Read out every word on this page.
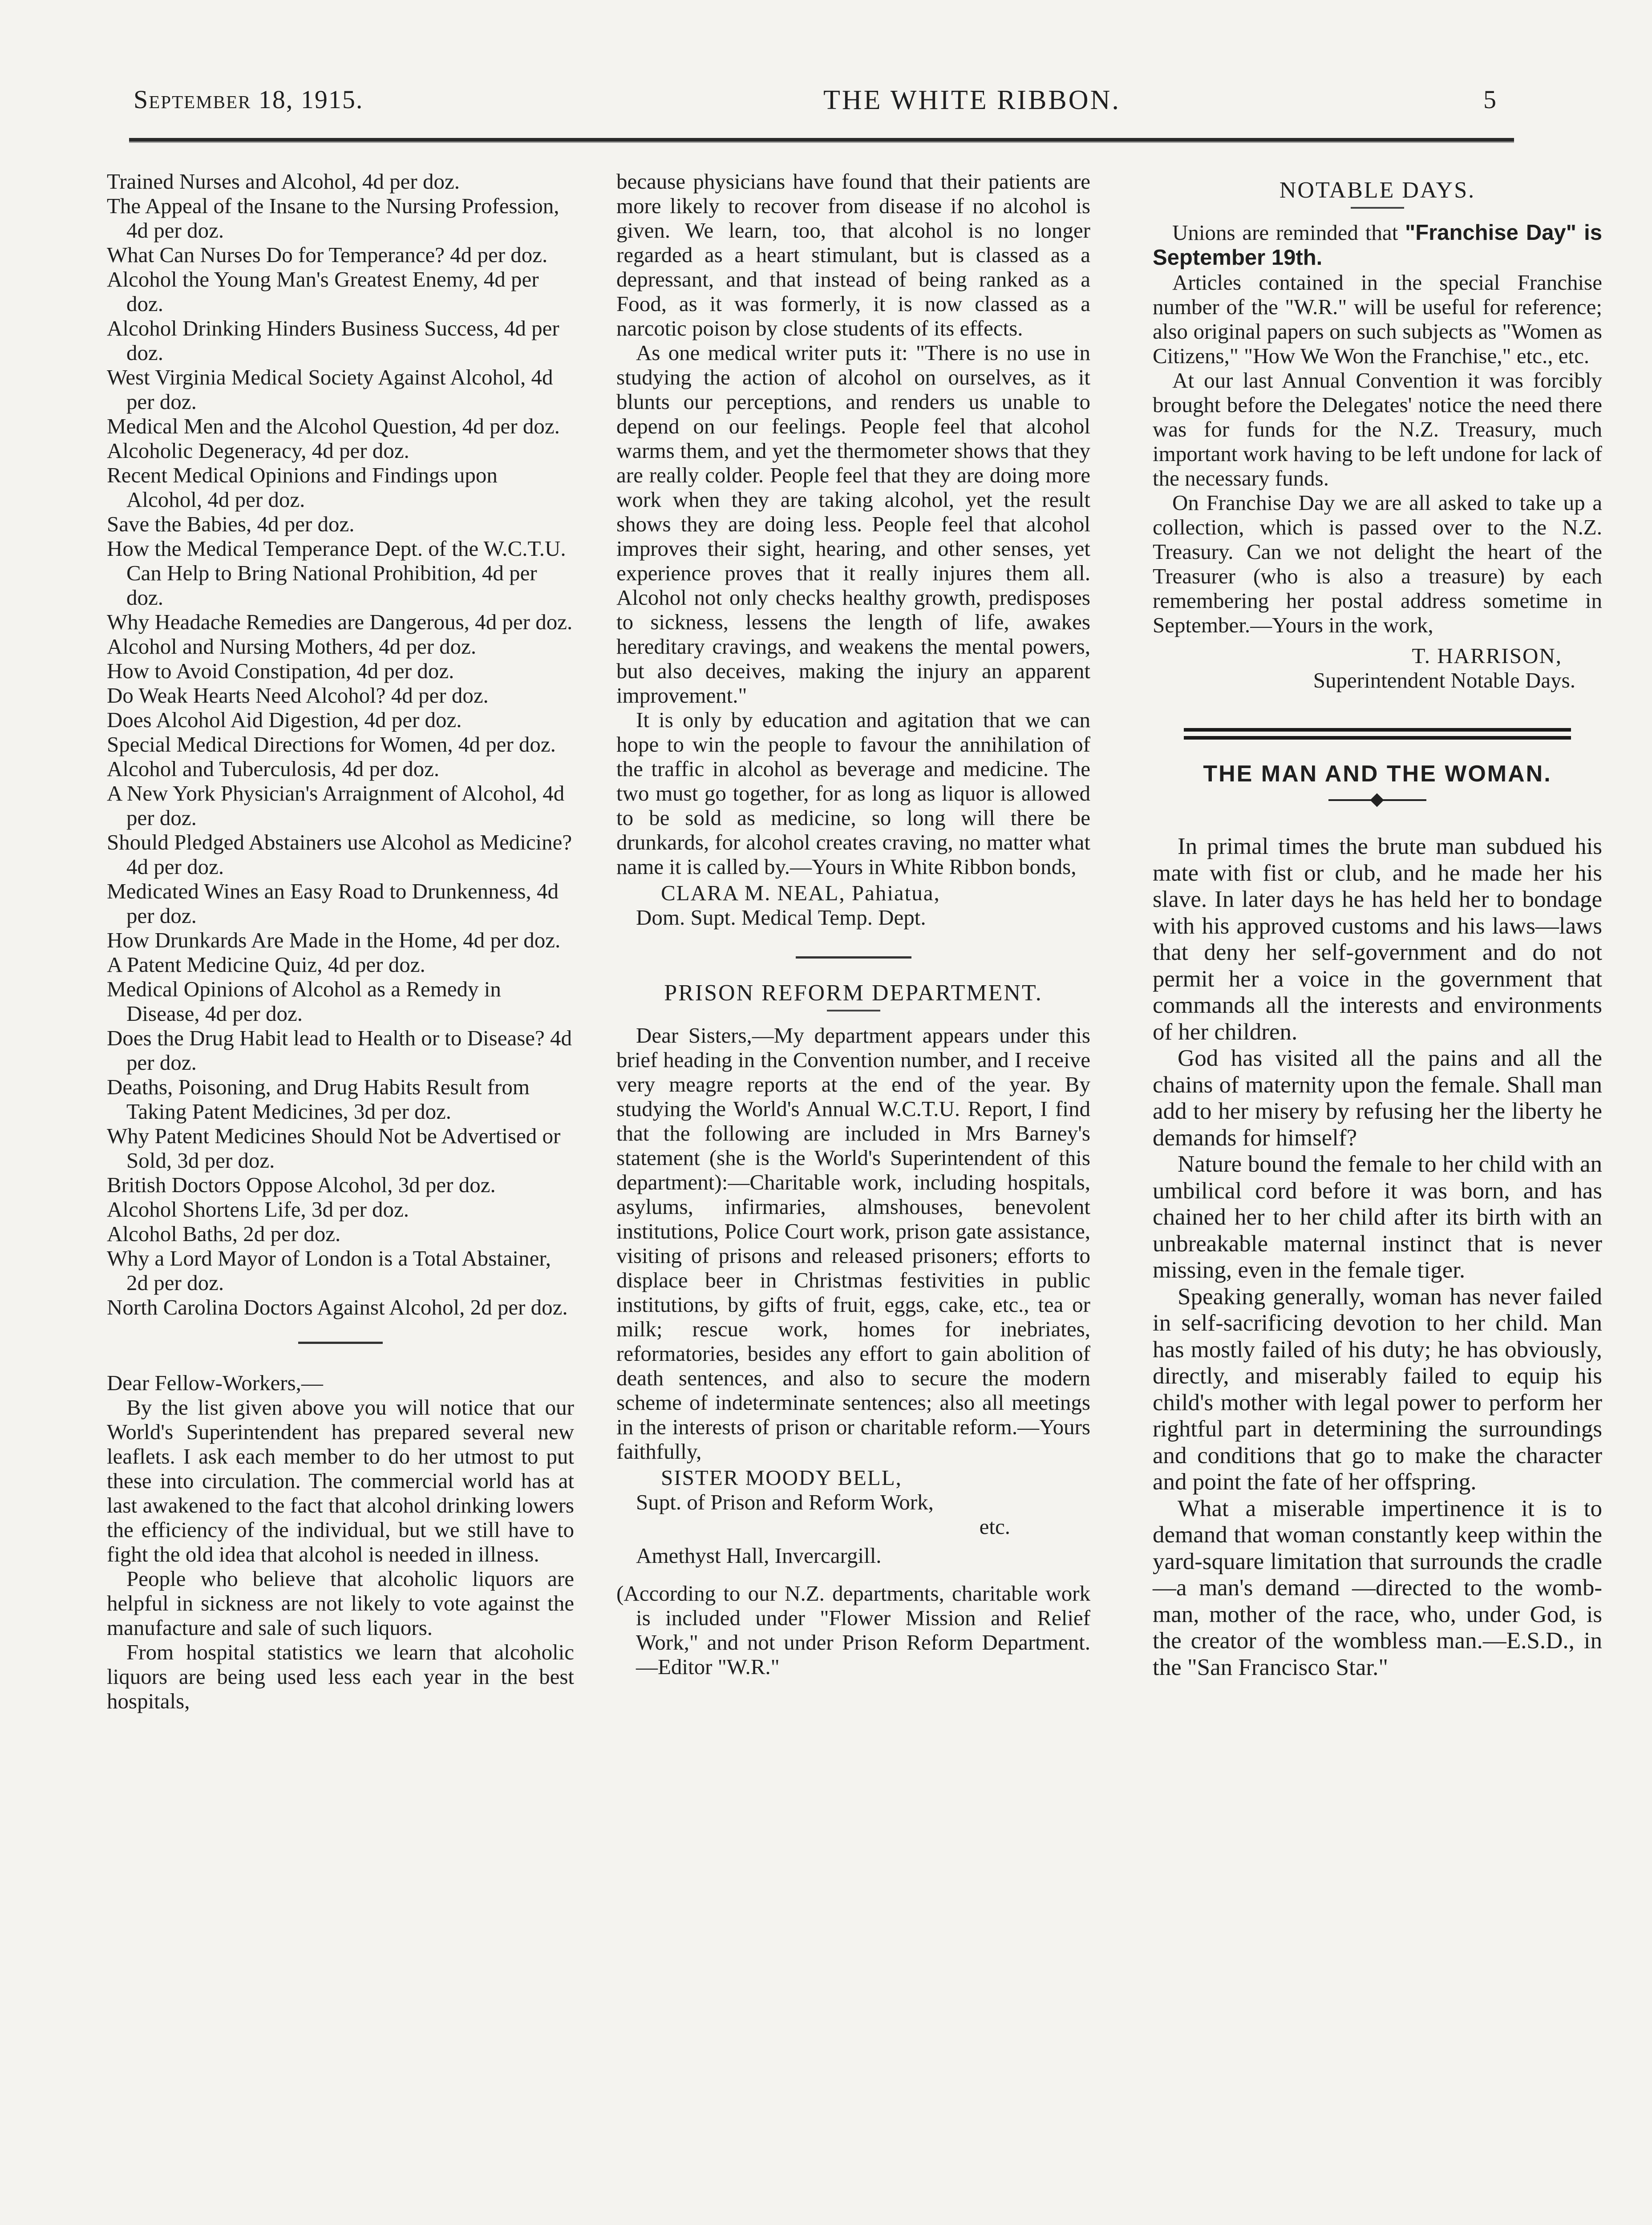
September 18, 1915.	THE WHITE RIBBON.	5

Trained Nurses and Alcohol, 4d per doz.

The Appeal of the Insane to the Nursing Profession, 4d per doz.

What Can Nurses Do for Temperance? 4d per doz.

Alcohol the Young Man's Greatest Enemy, 4d per doz.

Alcohol Drinking Hinders Business Success, 4d per doz.

West Virginia Medical Society Against Alcohol, 4d per doz.

Medical Men and the Alcohol Question, 4d per doz.

Alcoholic Degeneracy, 4d per doz.

Recent Medical Opinions and Findings upon Alcohol, 4d per doz.

Save the Babies, 4d per doz.

How the Medical Temperance Dept. of the W.C.T.U. Can Help to Bring National Prohibition, 4d per doz.

Why Headache Remedies are Dangerous, 4d per doz.

Alcohol and Nursing Mothers, 4d per doz.

How to Avoid Constipation, 4d per doz.

Do Weak Hearts Need Alcohol? 4d per doz.

Does Alcohol Aid Digestion, 4d per doz.

Special Medical Directions for Women, 4d per doz.

Alcohol and Tuberculosis, 4d per doz.

A New York Physician's Arraignment of Alcohol, 4d per doz.

Should Pledged Abstainers use Alcohol as Medicine? 4d per doz.

Medicated Wines an Easy Road to Drunkenness, 4d per doz.

How Drunkards Are Made in the Home, 4d per doz.

A Patent Medicine Quiz, 4d per doz.

Medical Opinions of Alcohol as a Remedy in Disease, 4d per doz.

Does the Drug Habit lead to Health or to Disease? 4d per doz.

Deaths, Poisoning, and Drug Habits Result from Taking Patent Medicines, 3d per doz.

Why Patent Medicines Should Not be Advertised or Sold, 3d per doz.

British Doctors Oppose Alcohol, 3d per doz.

Alcohol Shortens Life, 3d per doz.

Alcohol Baths, 2d per doz.

Why a Lord Mayor of London is a Total Abstainer, 2d per doz.

North Carolina Doctors Against Alcohol, 2d per doz.

Dear Fellow-Workers,—

By the list given above you will notice that our World's Superintendent has prepared several new leaflets. I ask each member to do her utmost to put these into circulation. The commercial world has at last awakened to the fact that alcohol drinking lowers the efficiency of the individual, but we still have to fight the old idea that alcohol is needed in illness.

People who believe that alcoholic liquors are helpful in sickness are not likely to vote against the manufacture and sale of such liquors.

From hospital statistics we learn that alcoholic liquors are being used less each year in the best hospitals,

because physicians have found that their patients are more likely to recover from disease if no alcohol is given. We learn, too, that alcohol is no longer regarded as a heart stimulant, but is classed as a depressant, and that instead of being ranked as a Food, as it was formerly, it is now classed as a narcotic poison by close students of its effects.

As one medical writer puts it: "There is no use in studying the action of alcohol on ourselves, as it blunts our perceptions, and renders us unable to depend on our feelings. People feel that alcohol warms them, and yet the thermometer shows that they are really colder. People feel that they are doing more work when they are taking alcohol, yet the result shows they are doing less. People feel that alcohol improves their sight, hearing, and other senses, yet experience proves that it really injures them all. Alcohol not only checks healthy growth, predisposes to sickness, lessens the length of life, awakes hereditary cravings, and weakens the mental powers, but also deceives, making the injury an apparent improvement."

It is only by education and agitation that we can hope to win the people to favour the annihilation of the traffic in alcohol as beverage and medicine. The two must go together, for as long as liquor is allowed to be sold as medicine, so long will there be drunkards, for alcohol creates craving, no matter what name it is called by.—Yours in White Ribbon bonds,

CLARA M. NEAL, Pahiatua,
Dom. Supt. Medical Temp. Dept.
PRISON REFORM DEPARTMENT.

Dear Sisters,—My department appears under this brief heading in the Convention number, and I receive very meagre reports at the end of the year. By studying the World's Annual W.C.T.U. Report, I find that the following are included in Mrs Barney's statement (she is the World's Superintendent of this department):—Charitable work, including hospitals, asylums, infirmaries, almshouses, benevolent institutions, Police Court work, prison gate assistance, visiting of prisons and released prisoners; efforts to displace beer in Christmas festivities in public institutions, by gifts of fruit, eggs, cake, etc., tea or milk; rescue work, homes for inebriates, reformatories, besides any effort to gain abolition of death sentences, and also to secure the modern scheme of indeterminate sentences; also all meetings in the interests of prison or charitable reform.—Yours faithfully,

SISTER MOODY BELL,
Supt. of Prison and Reform Work,
etc.
Amethyst Hall, Invercargill.

(According to our N.Z. departments, charitable work is included under "Flower Mission and Relief Work," and not under Prison Reform Department.—Editor "W.R."

NOTABLE DAYS.

Unions are reminded that "Franchise Day" is September 19th.

Articles contained in the special Franchise number of the "W.R." will be useful for reference; also original papers on such subjects as "Women as Citizens," "How We Won the Franchise," etc., etc.

At our last Annual Convention it was forcibly brought before the Delegates' notice the need there was for funds for the N.Z. Treasury, much important work having to be left undone for lack of the necessary funds.

On Franchise Day we are all asked to take up a collection, which is passed over to the N.Z. Treasury. Can we not delight the heart of the Treasurer (who is also a treasure) by each remembering her postal address sometime in September.—Yours in the work,

T. HARRISON,
Superintendent Notable Days.
THE MAN AND THE WOMAN.

In primal times the brute man subdued his mate with fist or club, and he made her his slave. In later days he has held her to bondage with his approved customs and his laws—laws that deny her self-government and do not permit her a voice in the government that commands all the interests and environments of her children.

God has visited all the pains and all the chains of maternity upon the female. Shall man add to her misery by refusing her the liberty he demands for himself?

Nature bound the female to her child with an umbilical cord before it was born, and has chained her to her child after its birth with an unbreakable maternal instinct that is never missing, even in the female tiger.

Speaking generally, woman has never failed in self-sacrificing devotion to her child. Man has mostly failed of his duty; he has obviously, directly, and miserably failed to equip his child's mother with legal power to perform her rightful part in determining the surroundings and conditions that go to make the character and point the fate of her offspring.

What a miserable impertinence it is to demand that woman constantly keep within the yard-square limitation that surrounds the cradle—a man's demand —directed to the womb-man, mother of the race, who, under God, is the creator of the wombless man.—E.S.D., in the "San Francisco Star."
